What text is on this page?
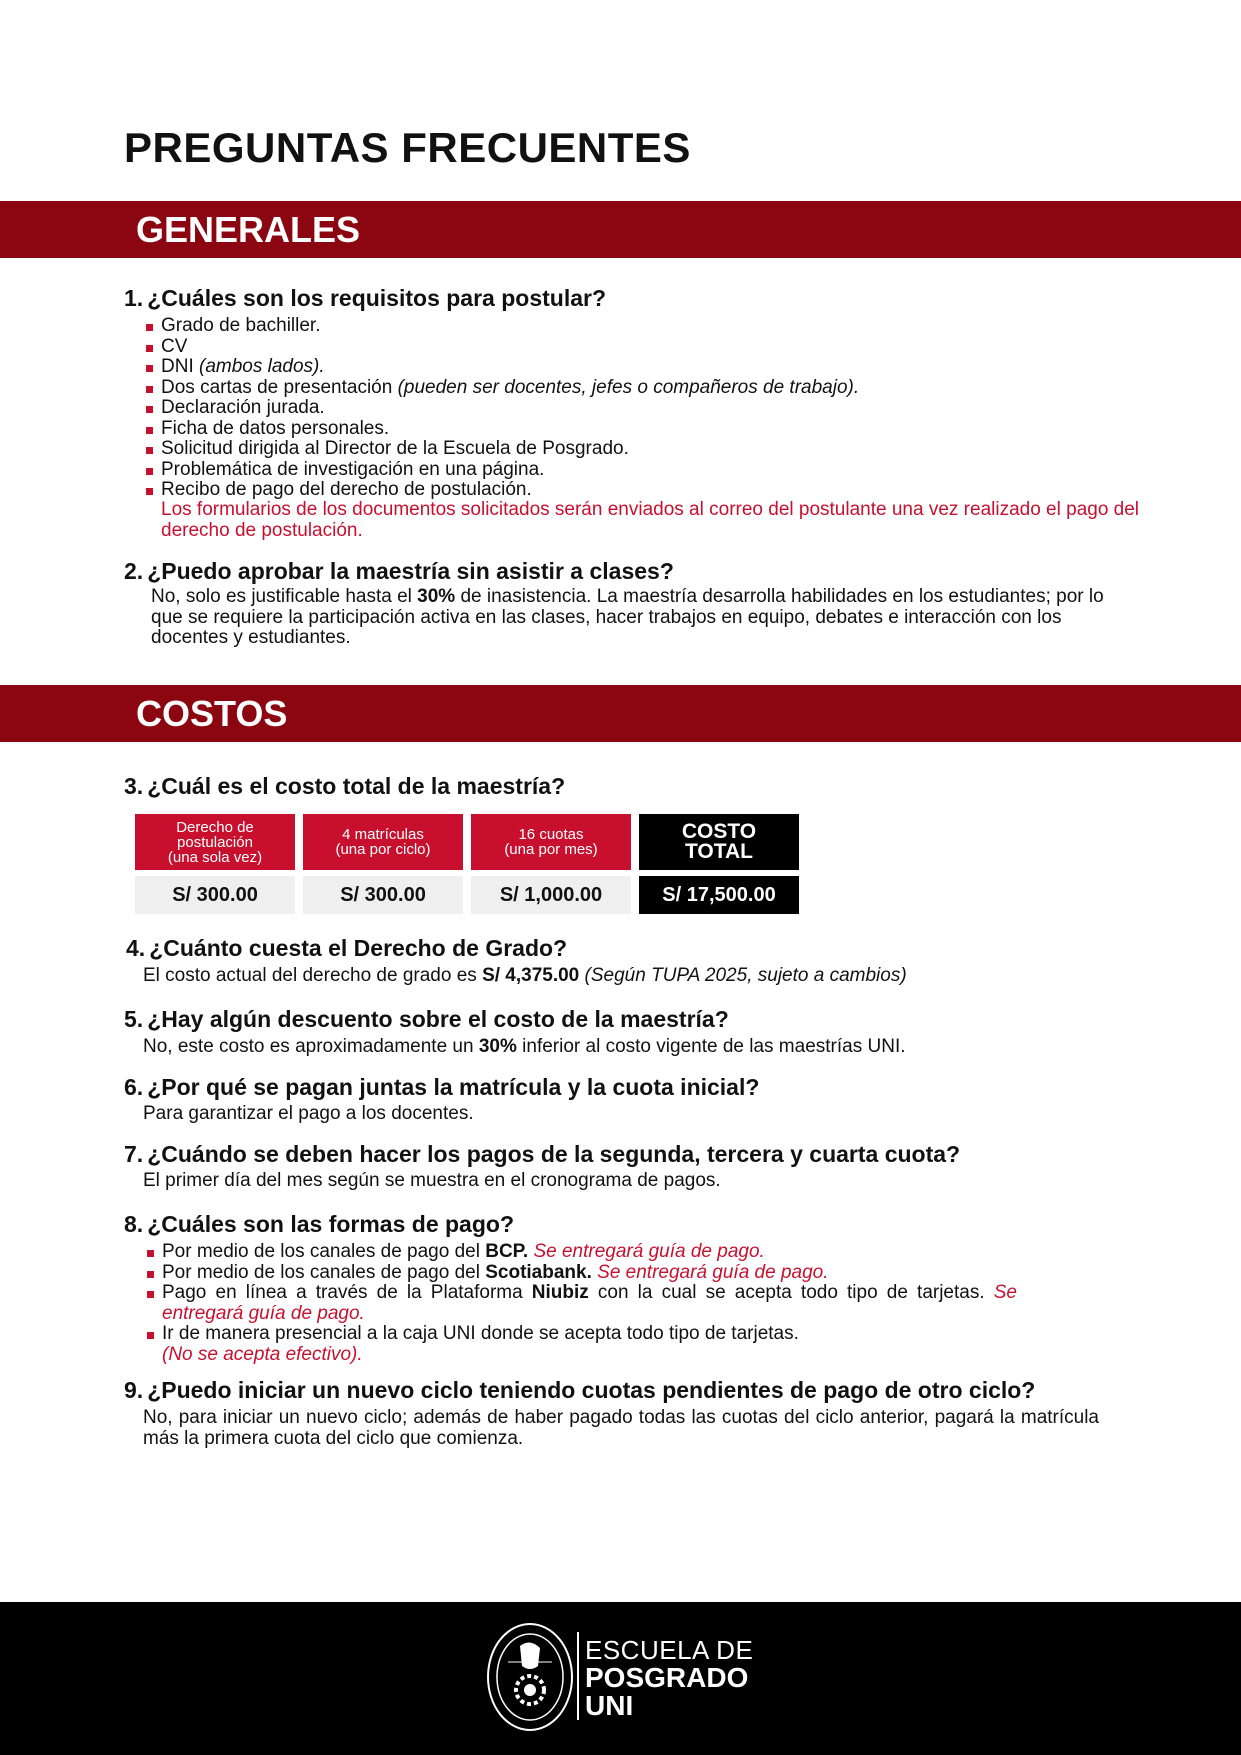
PREGUNTAS FRECUENTES
GENERALES
1. ¿Cuáles son los requisitos para postular?
Grado de bachiller.
CV
DNI (ambos lados).
Dos cartas de presentación (pueden ser docentes, jefes o compañeros de trabajo).
Declaración jurada.
Ficha de datos personales.
Solicitud dirigida al Director de la Escuela de Posgrado.
Problemática de investigación en una página.
Recibo de pago del derecho de postulación.
Los formularios de los documentos solicitados serán enviados al correo del postulante una vez realizado el pago del derecho de postulación.
2. ¿Puedo aprobar la maestría sin asistir a clases?

No, solo es justificable hasta el 30% de inasistencia. La maestría desarrolla habilidades en los estudiantes; por lo que se requiere la participación activa en las clases, hacer trabajos en equipo, debates e interacción con los docentes y estudiantes.

COSTOS
3. ¿Cuál es el costo total de la maestría?
Derecho de
postulación
(una sola vez)
S/ 300.00
4 matrículas
(una por ciclo)
S/ 300.00
16 cuotas
(una por mes)
S/ 1,000.00
COSTO
TOTAL
S/ 17,500.00
4. ¿Cuánto cuesta el Derecho de Grado?

El costo actual del derecho de grado es S/ 4,375.00 (Según TUPA 2025, sujeto a cambios)

5. ¿Hay algún descuento sobre el costo de la maestría?

No, este costo es aproximadamente un 30% inferior al costo vigente de las maestrías UNI.

6. ¿Por qué se pagan juntas la matrícula y la cuota inicial?

Para garantizar el pago a los docentes.

7. ¿Cuándo se deben hacer los pagos de la segunda, tercera y cuarta cuota?

El primer día del mes según se muestra en el cronograma de pagos.

8. ¿Cuáles son las formas de pago?
Por medio de los canales de pago del BCP. Se entregará guía de pago.
Por medio de los canales de pago del Scotiabank. Se entregará guía de pago.
Pago en línea a través de la Plataforma Niubiz con la cual se acepta todo tipo de tarjetas. Se entregará guía de pago.
Ir de manera presencial a la caja UNI donde se acepta todo tipo de tarjetas.
(No se acepta efectivo).
9. ¿Puedo iniciar un nuevo ciclo teniendo cuotas pendientes de pago de otro ciclo?

No, para iniciar un nuevo ciclo; además de haber pagado todas las cuotas del ciclo anterior, pagará la matrícula más la primera cuota del ciclo que comienza.

ESCUELA DE
POSGRADO
UNI
